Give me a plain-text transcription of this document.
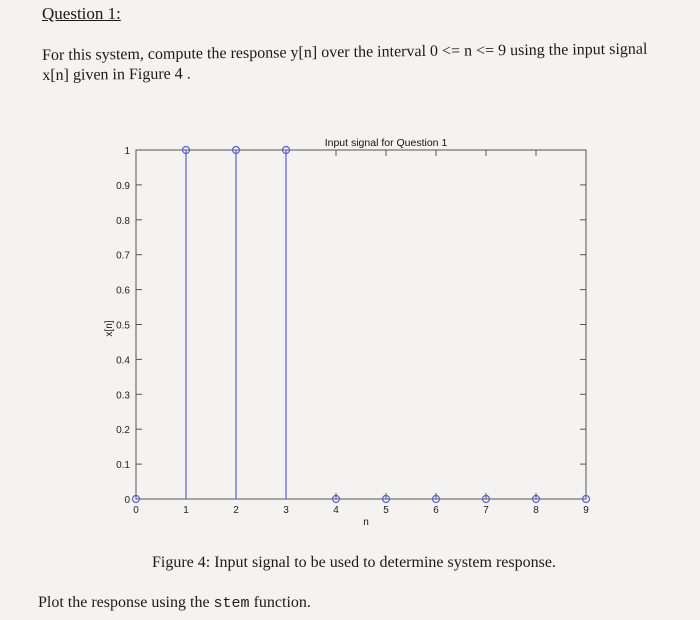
Question 1:
For this system, compute the response y[n] over the interval 0 <= n <= 9 using the input signal x[n] given in Figure 4 .
0
0.1
0.2
0.3
0.4
0.5
0.6
0.7
0.8
0.9
1
0	1	2	3	4	5	6	7	8	9
Input signal for Question 1
n
x[n]
Figure 4: Input signal to be used to determine system response.
Plot the response using the stem function.
